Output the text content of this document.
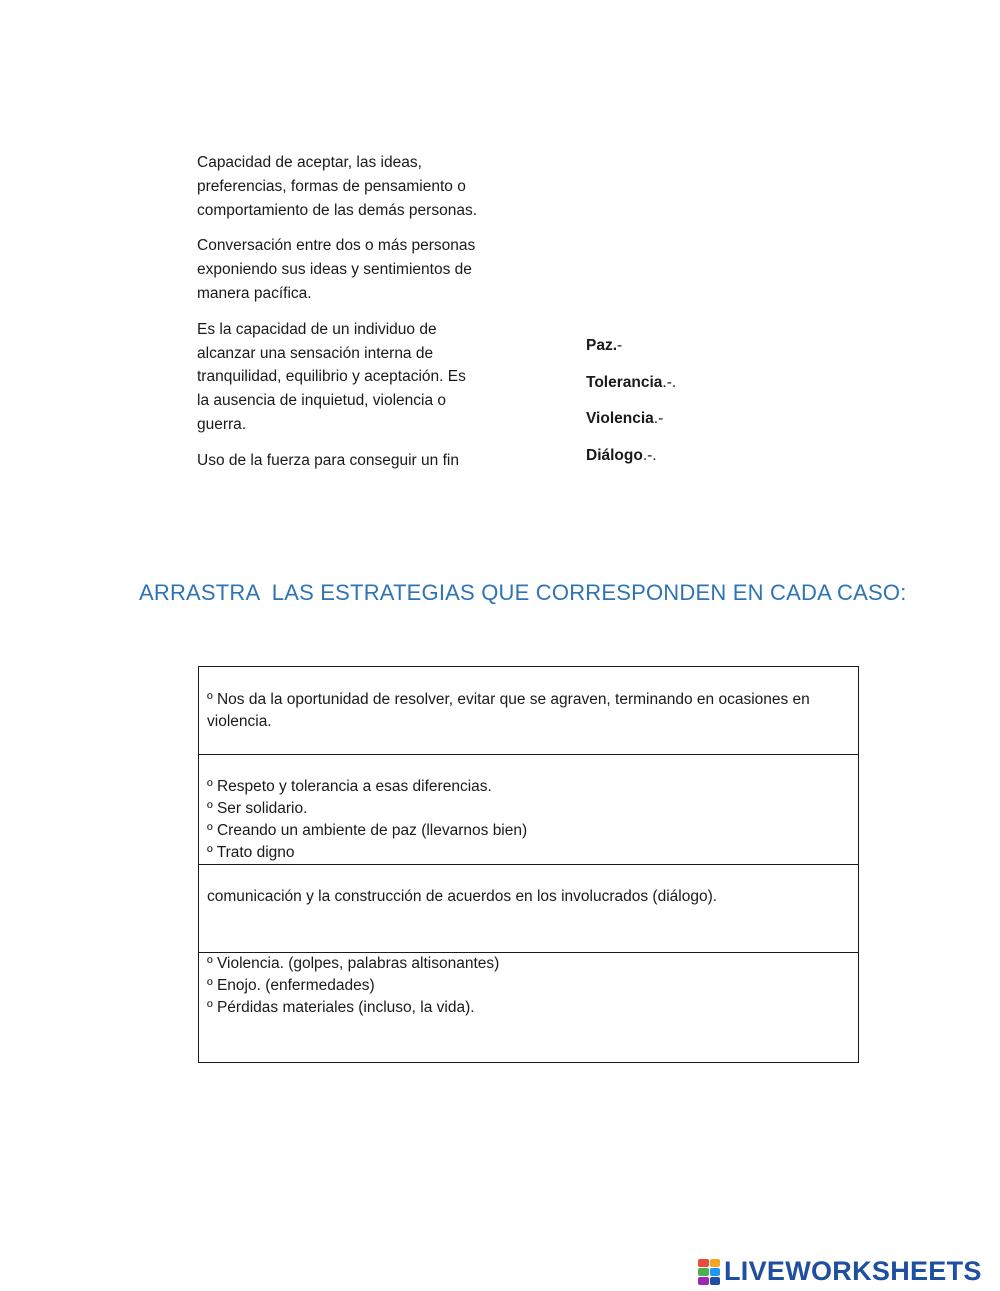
Capacidad de aceptar, las ideas, preferencias, formas de pensamiento o comportamiento de las demás personas.

Conversación entre dos o más personas exponiendo sus ideas y sentimientos de manera pacífica.

Es la capacidad de un individuo de alcanzar una sensación interna de tranquilidad, equilibrio y aceptación. Es la ausencia de inquietud, violencia o guerra.

Uso de la fuerza para conseguir un fin

Paz.-
Tolerancia.-.
Violencia.-
Diálogo.-.
ARRASTRA  LAS ESTRATEGIAS QUE CORRESPONDEN EN CADA CASO:
º Nos da la oportunidad de resolver, evitar que se agraven, terminando en ocasiones en violencia.

º Respeto y tolerancia a esas diferencias.
º Ser solidario.
º Creando un ambiente de paz (llevarnos bien)
º Trato digno

comunicación y la construcción de acuerdos en los involucrados (diálogo).

º Violencia. (golpes, palabras altisonantes)
º Enojo. (enfermedades)
º Pérdidas materiales (incluso, la vida).
LIVEWORKSHEETS
